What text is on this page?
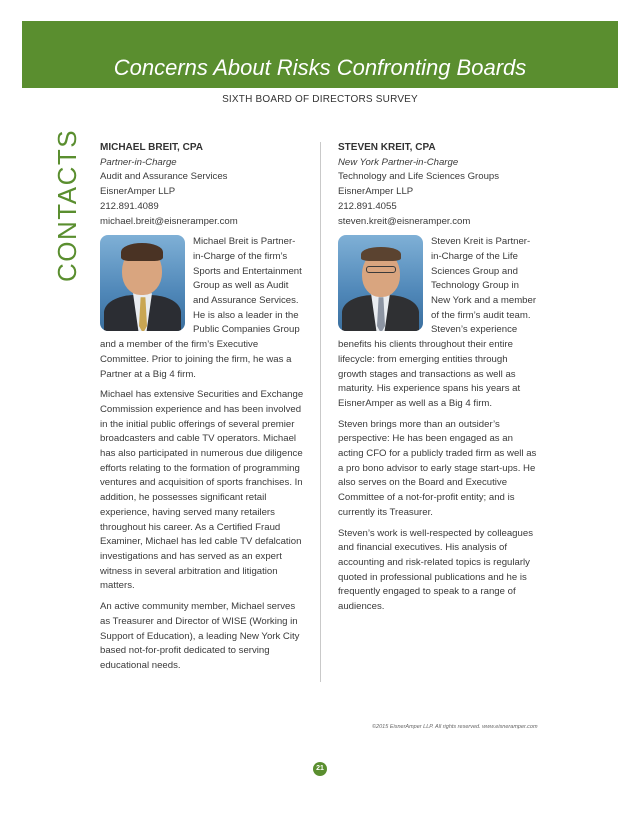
Concerns About Risks Confronting Boards
SIXTH BOARD OF DIRECTORS SURVEY
CONTACTS MICHAEL BREIT, CPA
Partner-in-Charge
Audit and Assurance Services
EisnerAmper LLP
212.891.4089
michael.breit@eisneramper.com

Michael Breit is Partner-in-Charge of the firm’s Sports and Entertainment Group as well as Audit and Assurance Services. He is also a leader in the Public Companies Group and a member of the firm’s Executive Committee. Prior to joining the firm, he was a Partner at a Big 4 firm.

Michael has extensive Securities and Exchange Commission experience and has been involved in the initial public offerings of several premier broadcasters and cable TV operators. Michael has also participated in numerous due diligence efforts relating to the formation of programming ventures and acquisition of sports franchises. In addition, he possesses significant retail experience, having served many retailers throughout his career. As a Certified Fraud Examiner, Michael has led cable TV defalcation investigations and has served as an expert witness in several arbitration and litigation matters.

An active community member, Michael serves as Treasurer and Director of WISE (Working in Support of Education), a leading New York City based not-for-profit dedicated to serving educational needs.

STEVEN KREIT, CPA
New York Partner-in-Charge
Technology and Life Sciences Groups
EisnerAmper LLP
212.891.4055
steven.kreit@eisneramper.com

Steven Kreit is Partner-in-Charge of the Life Sciences Group and Technology Group in New York and a member of the firm’s audit team. Steven’s experience benefits his clients throughout their entire lifecycle: from emerging entities through growth stages and transactions as well as maturity. His experience spans his years at EisnerAmper as well as a Big 4 firm.

Steven brings more than an outsider’s perspective: He has been engaged as an acting CFO for a publicly traded firm as well as a pro bono advisor to early stage start-ups. He also serves on the Board and Executive Committee of a not-for-profit entity; and is currently its Treasurer.

Steven’s work is well-respected by colleagues and financial executives. His analysis of accounting and risk-related topics is regularly quoted in professional publications and he is frequently engaged to speak to a range of audiences.

©2015 EisnerAmper LLP. All rights reserved. www.eisneramper.com
21
